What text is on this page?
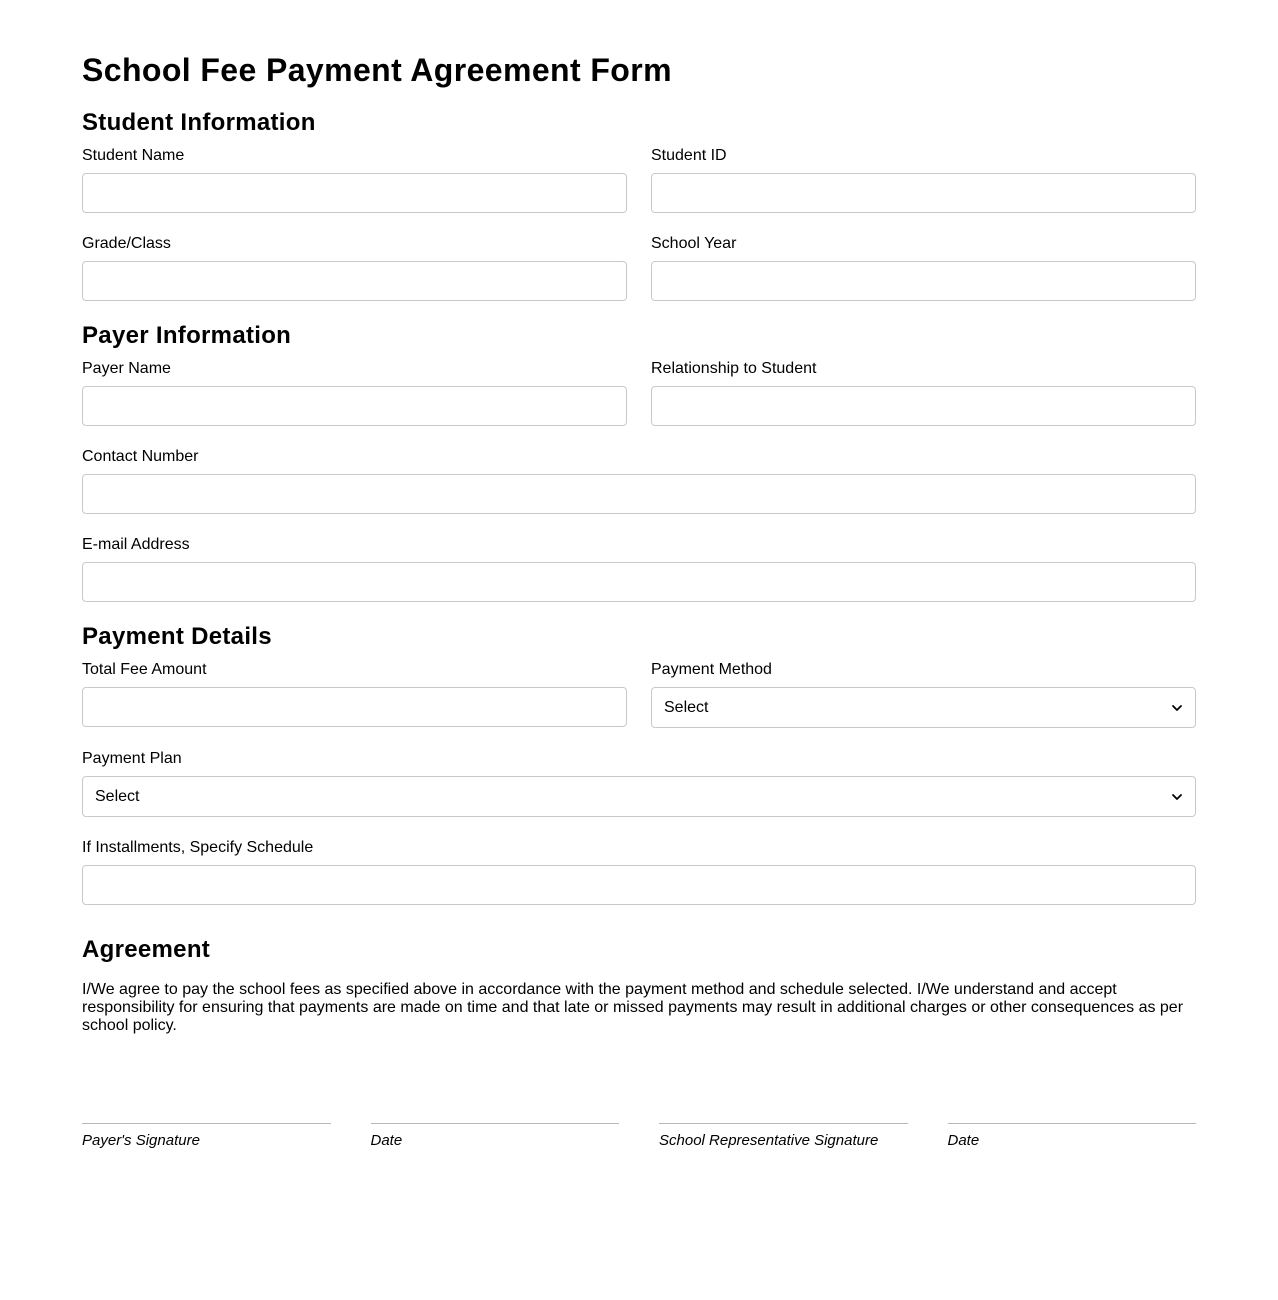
School Fee Payment Agreement Form
Student Information
Student Name	Student ID
Grade/Class	School Year
Payer Information
Payer Name	Relationship to Student
Contact Number
E-mail Address
Payment Details
Total Fee Amount	Payment Method
Select
Payment Plan
Select
If Installments, Specify Schedule
Agreement

I/We agree to pay the school fees as specified above in accordance with the payment method and schedule selected. I/We understand and accept responsibility for ensuring that payments are made on time and that late or missed payments may result in additional charges or other consequences as per school policy.

Payer's Signature	Date	School Representative Signature	Date
